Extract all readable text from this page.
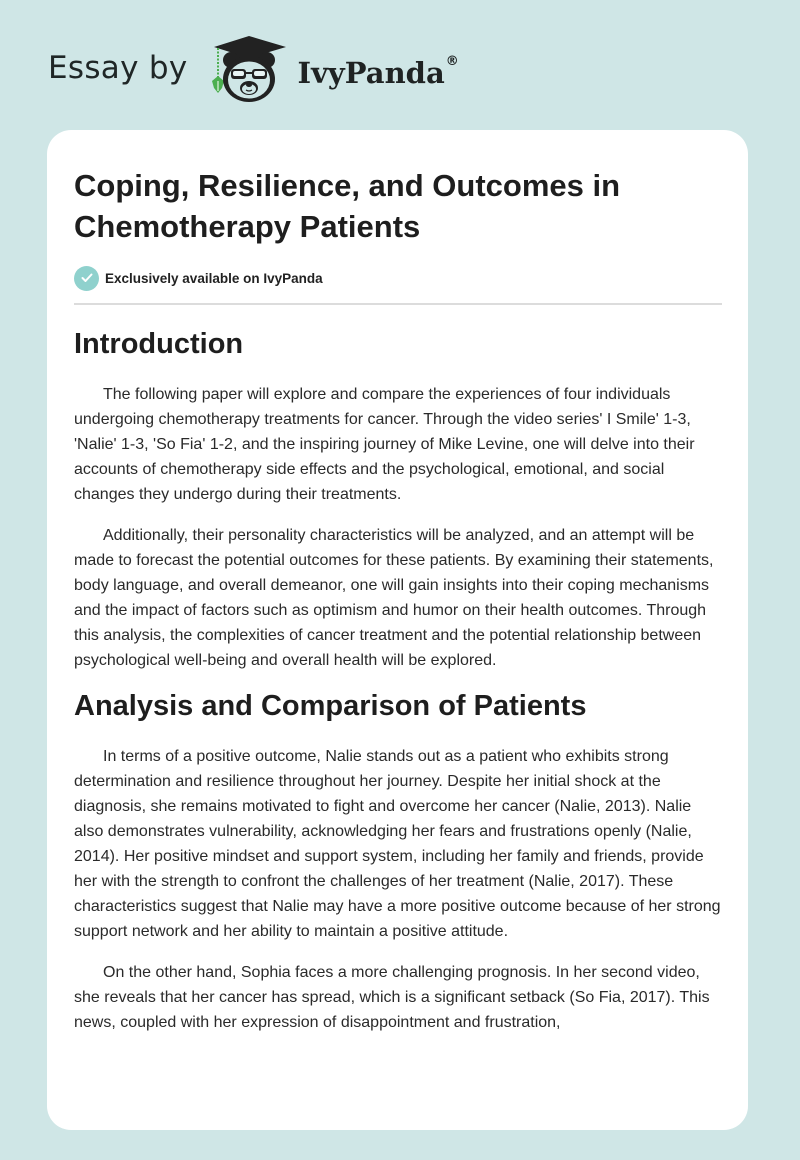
Essay by	IvyPanda®
Coping, Resilience, and Outcomes in Chemotherapy Patients
Exclusively available on IvyPanda
Introduction

The following paper will explore and compare the experiences of four individuals undergoing chemotherapy treatments for cancer. Through the video series' I Smile' 1-3, 'Nalie' 1-3, 'So Fia' 1-2, and the inspiring journey of Mike Levine, one will delve into their accounts of chemotherapy side effects and the psychological, emotional, and social changes they undergo during their treatments.

Additionally, their personality characteristics will be analyzed, and an attempt will be made to forecast the potential outcomes for these patients. By examining their statements, body language, and overall demeanor, one will gain insights into their coping mechanisms and the impact of factors such as optimism and humor on their health outcomes. Through this analysis, the complexities of cancer treatment and the potential relationship between psychological well-being and overall health will be explored.

Analysis and Comparison of Patients

In terms of a positive outcome, Nalie stands out as a patient who exhibits strong determination and resilience throughout her journey. Despite her initial shock at the diagnosis, she remains motivated to fight and overcome her cancer (Nalie, 2013). Nalie also demonstrates vulnerability, acknowledging her fears and frustrations openly (Nalie, 2014). Her positive mindset and support system, including her family and friends, provide her with the strength to confront the challenges of her treatment (Nalie, 2017). These characteristics suggest that Nalie may have a more positive outcome because of her strong support network and her ability to maintain a positive attitude.

On the other hand, Sophia faces a more challenging prognosis. In her second video, she reveals that her cancer has spread, which is a significant setback (So Fia, 2017). This news, coupled with her expression of disappointment and frustration,
